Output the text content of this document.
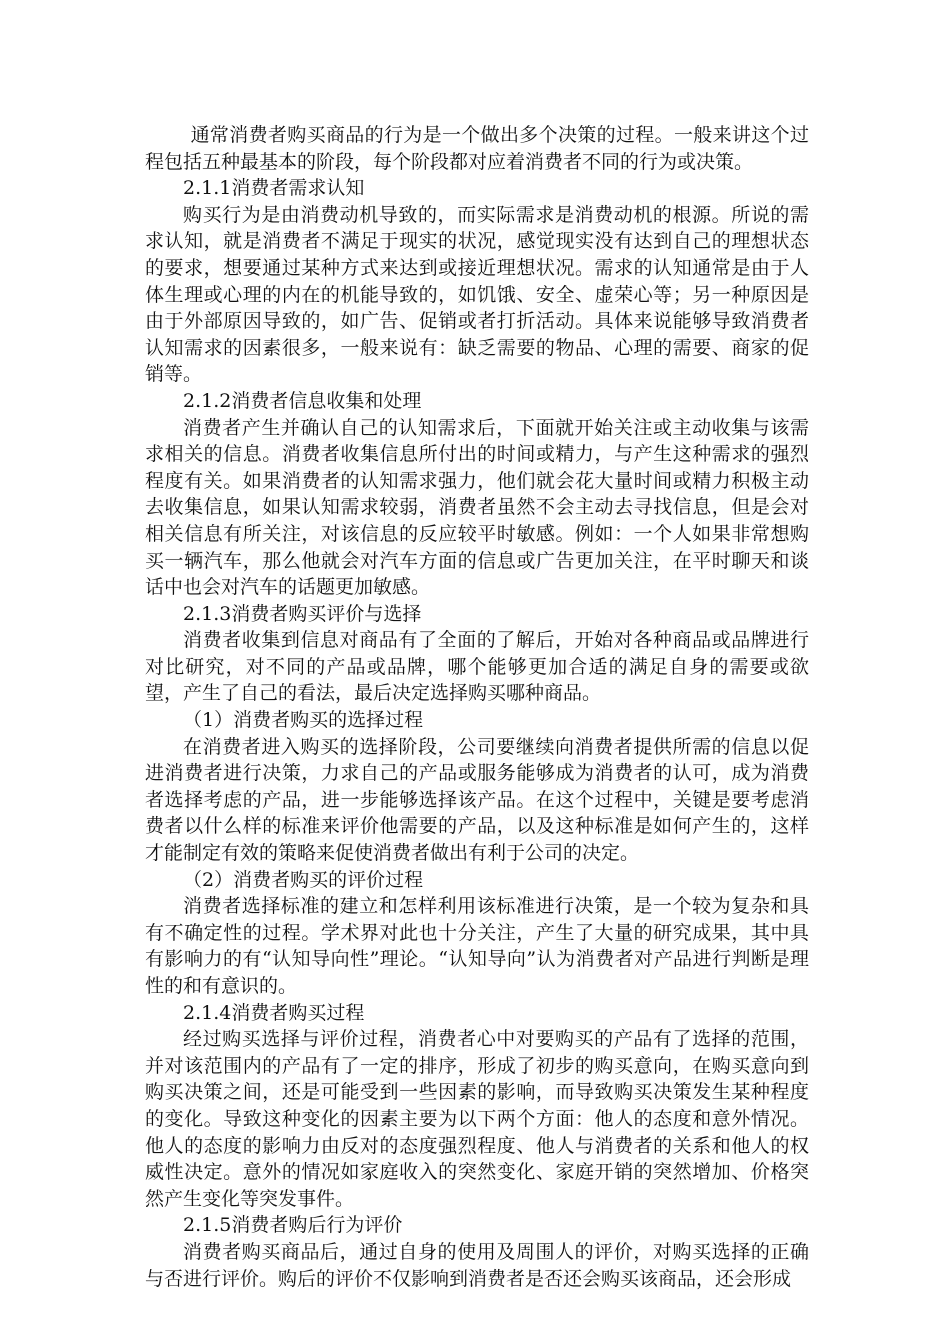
通常消费者购买商品的行为是一个做出多个决策的过程。一般来讲这个过程包括五种最基本的阶段，每个阶段都对应着消费者不同的行为或决策。

2.1.1消费者需求认知

购买行为是由消费动机导致的，而实际需求是消费动机的根源。所说的需求认知，就是消费者不满足于现实的状况，感觉现实没有达到自己的理想状态的要求，想要通过某种方式来达到或接近理想状况。需求的认知通常是由于人体生理或心理的内在的机能导致的，如饥饿、安全、虚荣心等；另一种原因是由于外部原因导致的，如广告、促销或者打折活动。具体来说能够导致消费者认知需求的因素很多，一般来说有：缺乏需要的物品、心理的需要、商家的促销等。

2.1.2消费者信息收集和处理

消费者产生并确认自己的认知需求后，下面就开始关注或主动收集与该需求相关的信息。消费者收集信息所付出的时间或精力，与产生这种需求的强烈程度有关。如果消费者的认知需求强力，他们就会花大量时间或精力积极主动去收集信息，如果认知需求较弱，消费者虽然不会主动去寻找信息，但是会对相关信息有所关注，对该信息的反应较平时敏感。例如：一个人如果非常想购买一辆汽车，那么他就会对汽车方面的信息或广告更加关注，在平时聊天和谈话中也会对汽车的话题更加敏感。

2.1.3消费者购买评价与选择

消费者收集到信息对商品有了全面的了解后，开始对各种商品或品牌进行对比研究，对不同的产品或品牌，哪个能够更加合适的满足自身的需要或欲望，产生了自己的看法，最后决定选择购买哪种商品。

（1）消费者购买的选择过程

在消费者进入购买的选择阶段，公司要继续向消费者提供所需的信息以促进消费者进行决策，力求自己的产品或服务能够成为消费者的认可，成为消费者选择考虑的产品，进一步能够选择该产品。在这个过程中，关键是要考虑消费者以什么样的标准来评价他需要的产品，以及这种标准是如何产生的，这样才能制定有效的策略来促使消费者做出有利于公司的决定。

（2）消费者购买的评价过程

消费者选择标准的建立和怎样利用该标准进行决策，是一个较为复杂和具有不确定性的过程。学术界对此也十分关注，产生了大量的研究成果，其中具有影响力的有“认知导向性”理论。“认知导向”认为消费者对产品进行判断是理性的和有意识的。

2.1.4消费者购买过程

经过购买选择与评价过程，消费者心中对要购买的产品有了选择的范围，并对该范围内的产品有了一定的排序，形成了初步的购买意向，在购买意向到购买决策之间，还是可能受到一些因素的影响，而导致购买决策发生某种程度的变化。导致这种变化的因素主要为以下两个方面：他人的态度和意外情况。他人的态度的影响力由反对的态度强烈程度、他人与消费者的关系和他人的权威性决定。意外的情况如家庭收入的突然变化、家庭开销的突然增加、价格突然产生变化等突发事件。

2.1.5消费者购后行为评价

消费者购买商品后，通过自身的使用及周围人的评价，对购买选择的正确与否进行评价。购后的评价不仅影响到消费者是否还会购买该商品，还会形成
